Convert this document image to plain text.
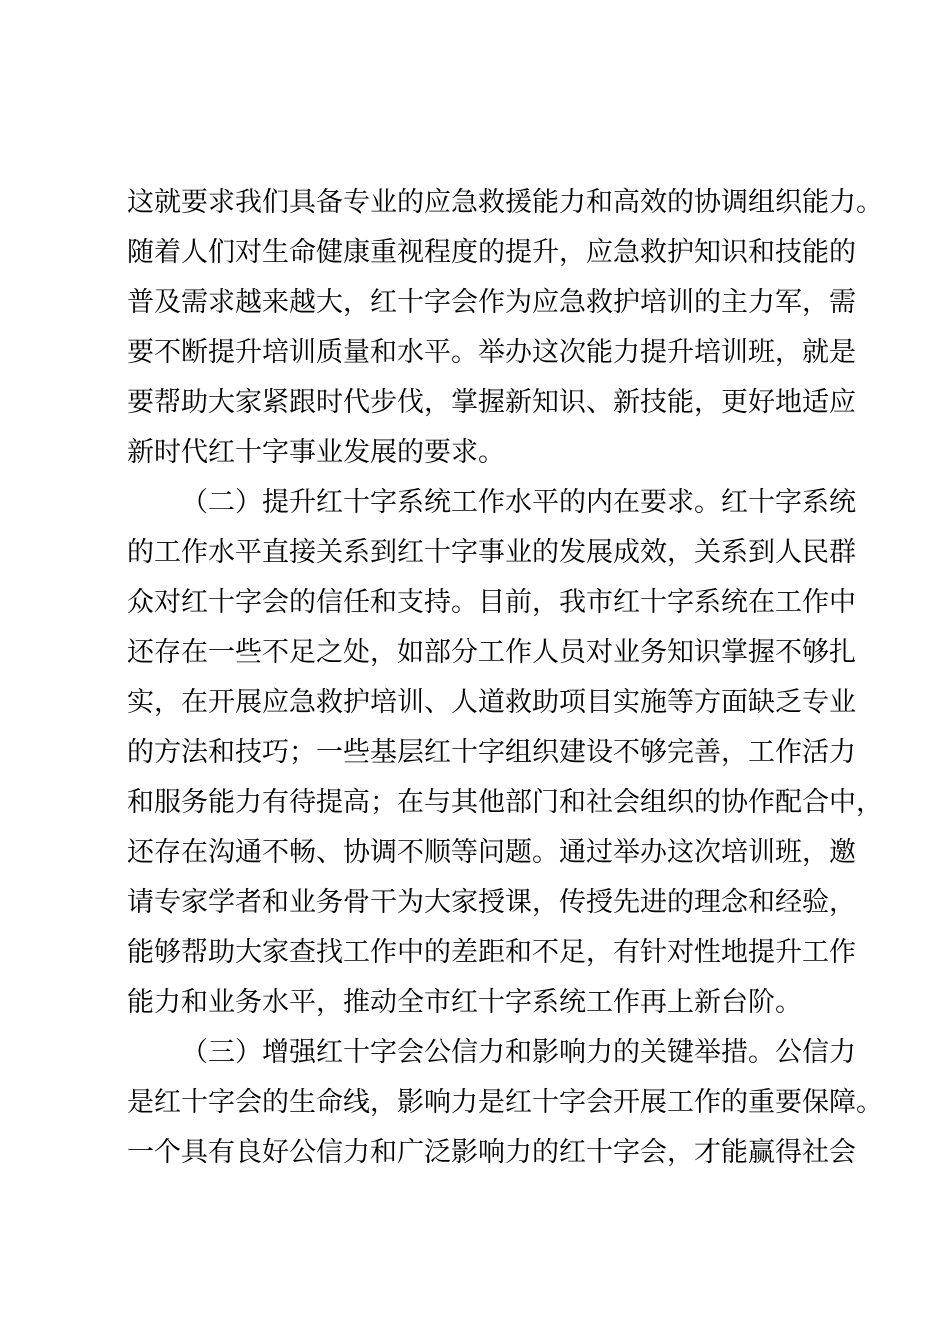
这就要求我们具备专业的应急救援能力和高效的协调组织能力。
随着人们对生命健康重视程度的提升，应急救护知识和技能的
普及需求越来越大，红十字会作为应急救护培训的主力军，需
要不断提升培训质量和水平。举办这次能力提升培训班，就是
要帮助大家紧跟时代步伐，掌握新知识、新技能，更好地适应
新时代红十字事业发展的要求。
（二）提升红十字系统工作水平的内在要求。红十字系统
的工作水平直接关系到红十字事业的发展成效，关系到人民群
众对红十字会的信任和支持。目前，我市红十字系统在工作中
还存在一些不足之处，如部分工作人员对业务知识掌握不够扎
实，在开展应急救护培训、人道救助项目实施等方面缺乏专业
的方法和技巧；一些基层红十字组织建设不够完善，工作活力
和服务能力有待提高；在与其他部门和社会组织的协作配合中，
还存在沟通不畅、协调不顺等问题。通过举办这次培训班，邀
请专家学者和业务骨干为大家授课，传授先进的理念和经验，
能够帮助大家查找工作中的差距和不足，有针对性地提升工作
能力和业务水平，推动全市红十字系统工作再上新台阶。
（三）增强红十字会公信力和影响力的关键举措。公信力
是红十字会的生命线，影响力是红十字会开展工作的重要保障。
一个具有良好公信力和广泛影响力的红十字会，才能赢得社会
